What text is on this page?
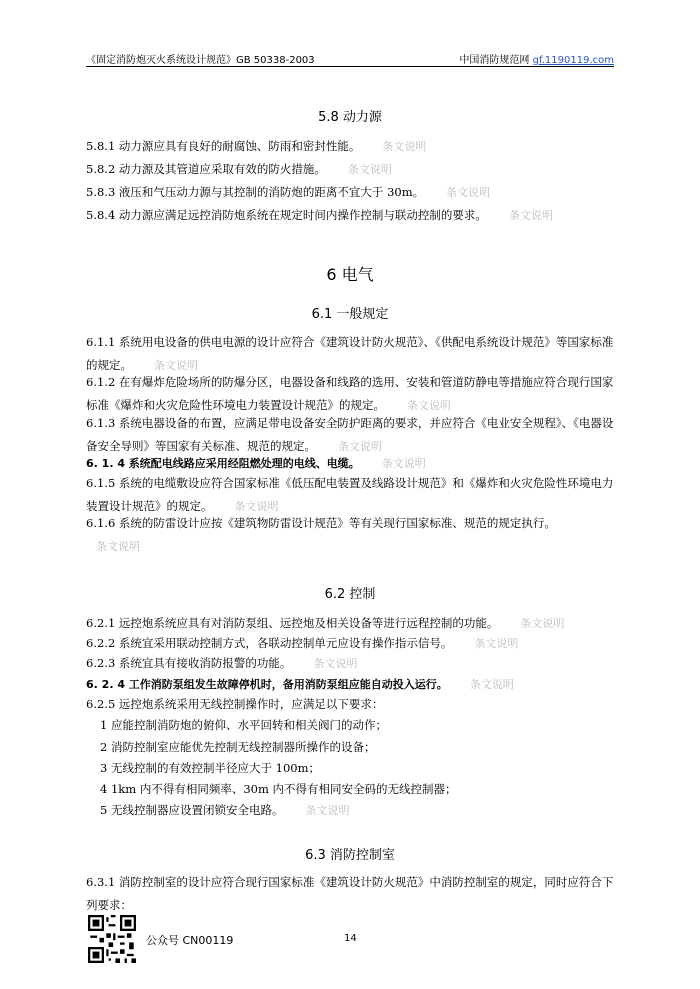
《固定消防炮灭火系统设计规范》GB 50338-2003	中国消防规范网 gf.1190119.com
5.8 动力源
5.8.1 动力源应具有良好的耐腐蚀、防雨和密封性能。 条文说明
5.8.2 动力源及其管道应采取有效的防火措施。 条文说明
5.8.3 液压和气压动力源与其控制的消防炮的距离不宜大于 30m。 条文说明
5.8.4 动力源应满足远控消防炮系统在规定时间内操作控制与联动控制的要求。 条文说明
6 电气
6.1 一般规定
6.1.1 系统用电设备的供电电源的设计应符合《建筑设计防火规范》、《供配电系统设计规范》等国家标准的规定。 条文说明
6.1.2 在有爆炸危险场所的防爆分区，电器设备和线路的选用、安装和管道防静电等措施应符合现行国家标准《爆炸和火灾危险性环境电力装置设计规范》的规定。 条文说明
6.1.3 系统电器设备的布置，应满足带电设备安全防护距离的要求，并应符合《电业安全规程》、《电器设备安全导则》等国家有关标准、规范的规定。 条文说明
6. 1. 4 系统配电线路应采用经阻燃处理的电线、电缆。 条文说明
6.1.5 系统的电缆敷设应符合国家标准《低压配电装置及线路设计规范》和《爆炸和火灾危险性环境电力装置设计规范》的规定。 条文说明
6.1.6 系统的防雷设计应按《建筑物防雷设计规范》等有关现行国家标准、规范的规定执行。
条文说明
6.2 控制
6.2.1 远控炮系统应具有对消防泵组、远控炮及相关设备等进行远程控制的功能。 条文说明
6.2.2 系统宜采用联动控制方式，各联动控制单元应设有操作指示信号。 条文说明
6.2.3 系统宜具有接收消防报警的功能。 条文说明
6. 2. 4 工作消防泵组发生故障停机时，备用消防泵组应能自动投入运行。 条文说明
6.2.5 远控炮系统采用无线控制操作时，应满足以下要求：
1 应能控制消防炮的俯仰、水平回转和相关阀门的动作；
2 消防控制室应能优先控制无线控制器所操作的设备；
3 无线控制的有效控制半径应大于 100m；
4 1km 内不得有相同频率、30m 内不得有相同安全码的无线控制器；
5 无线控制器应设置闭锁安全电路。 条文说明
6.3 消防控制室
6.3.1 消防控制室的设计应符合现行国家标准《建筑设计防火规范》中消防控制室的规定，同时应符合下列要求：
公众号 CN00119	14
